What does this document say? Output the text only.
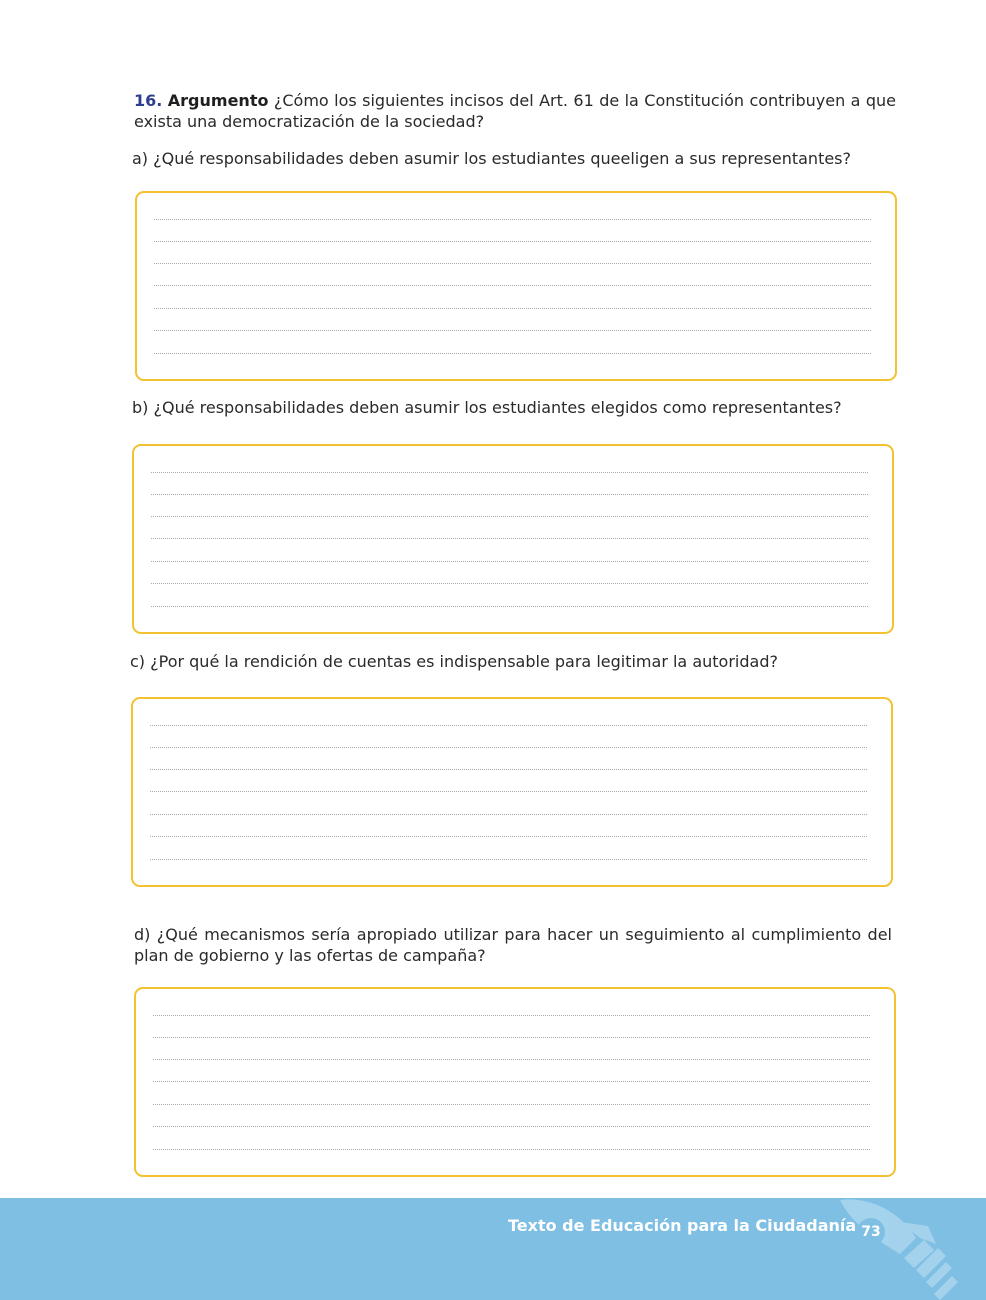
16. Argumento ¿Cómo los siguientes incisos del Art. 61 de la Constitución contribuyen a que exista una democratización de la sociedad?
a) ¿Qué responsabilidades deben asumir los estudiantes queeligen a sus representantes?
b) ¿Qué responsabilidades deben asumir los estudiantes elegidos como representantes?
c) ¿Por qué la rendición de cuentas es indispensable para legitimar la autoridad?
d) ¿Qué mecanismos sería apropiado utilizar para hacer un seguimiento al cumplimiento del plan de gobierno y las ofertas de campaña?
Texto de Educación para la Ciudadanía 73
